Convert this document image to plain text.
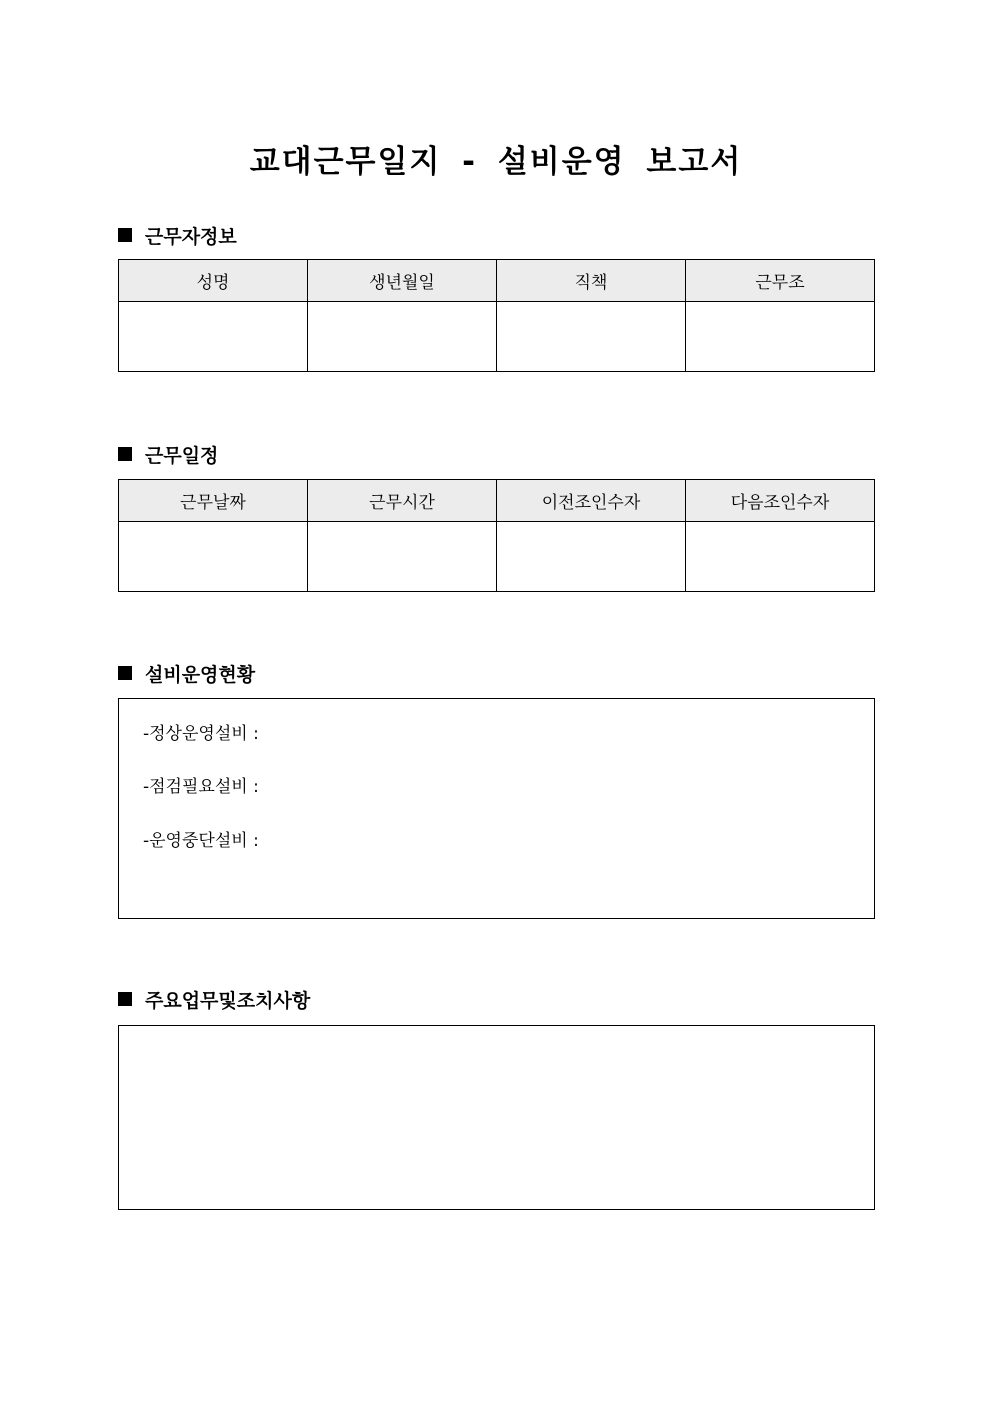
교대근무일지 - 설비운영 보고서
근무자정보
성명	생년월일	직책	근무조

근무일정
근무날짜	근무시간	이전조인수자	다음조인수자

설비운영현황
-정상운영설비 :
-점검필요설비 :
-운영중단설비 :
주요업무및조치사항
